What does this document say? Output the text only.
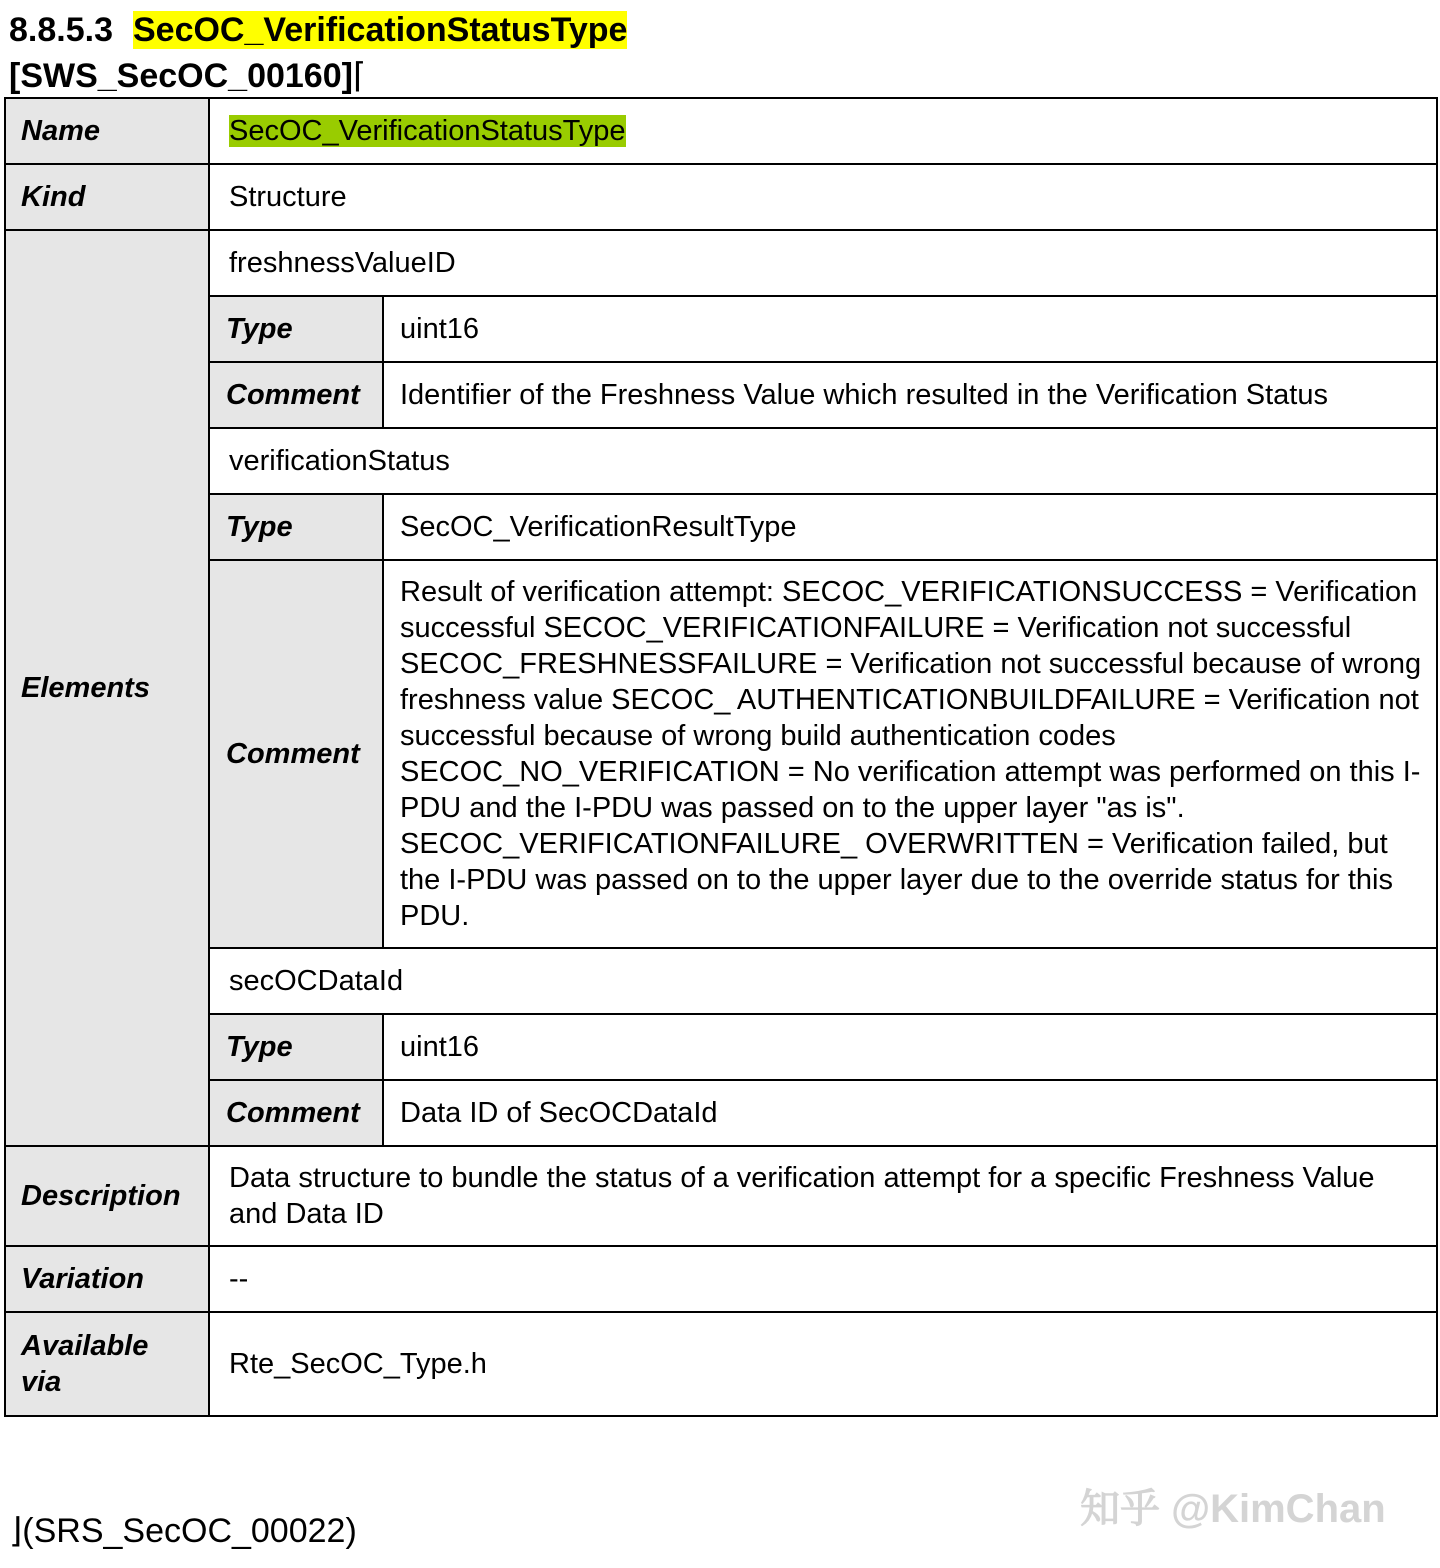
8.8.5.3 SecOC_VerificationStatusType
[SWS_SecOC_00160]⌈
Name	SecOC_VerificationStatusType	
Kind	Structure	
Elements	freshnessValueID	
	Type	uint16
	Comment	Identifier of the Freshness Value which resulted in the Verification Status
	verificationStatus	
	Type	SecOC_VerificationResultType
	Comment	Result of verification attempt: SECOC_VERIFICATIONSUCCESS = Verification successful SECOC_VERIFICATIONFAILURE = Verification not successful SECOC_FRESHNESSFAILURE = Verification not successful because of wrong freshness value SECOC_ AUTHENTICATIONBUILDFAILURE = Verification not successful because of wrong build authentication codes SECOC_NO_VERIFICATION = No verification attempt was performed on this I-PDU and the I-PDU was passed on to the upper layer "as is". SECOC_VERIFICATIONFAILURE_ OVERWRITTEN = Verification failed, but the I-PDU was passed on to the upper layer due to the override status for this PDU.
	secOCDataId	
	Type	uint16
	Comment	Data ID of SecOCDataId
Description	Data structure to bundle the status of a verification attempt for a specific Freshness Value and Data ID	
Variation	--	
Available via	Rte_SecOC_Type.h	
⌋(SRS_SecOC_00022)	知乎 @KimChan
